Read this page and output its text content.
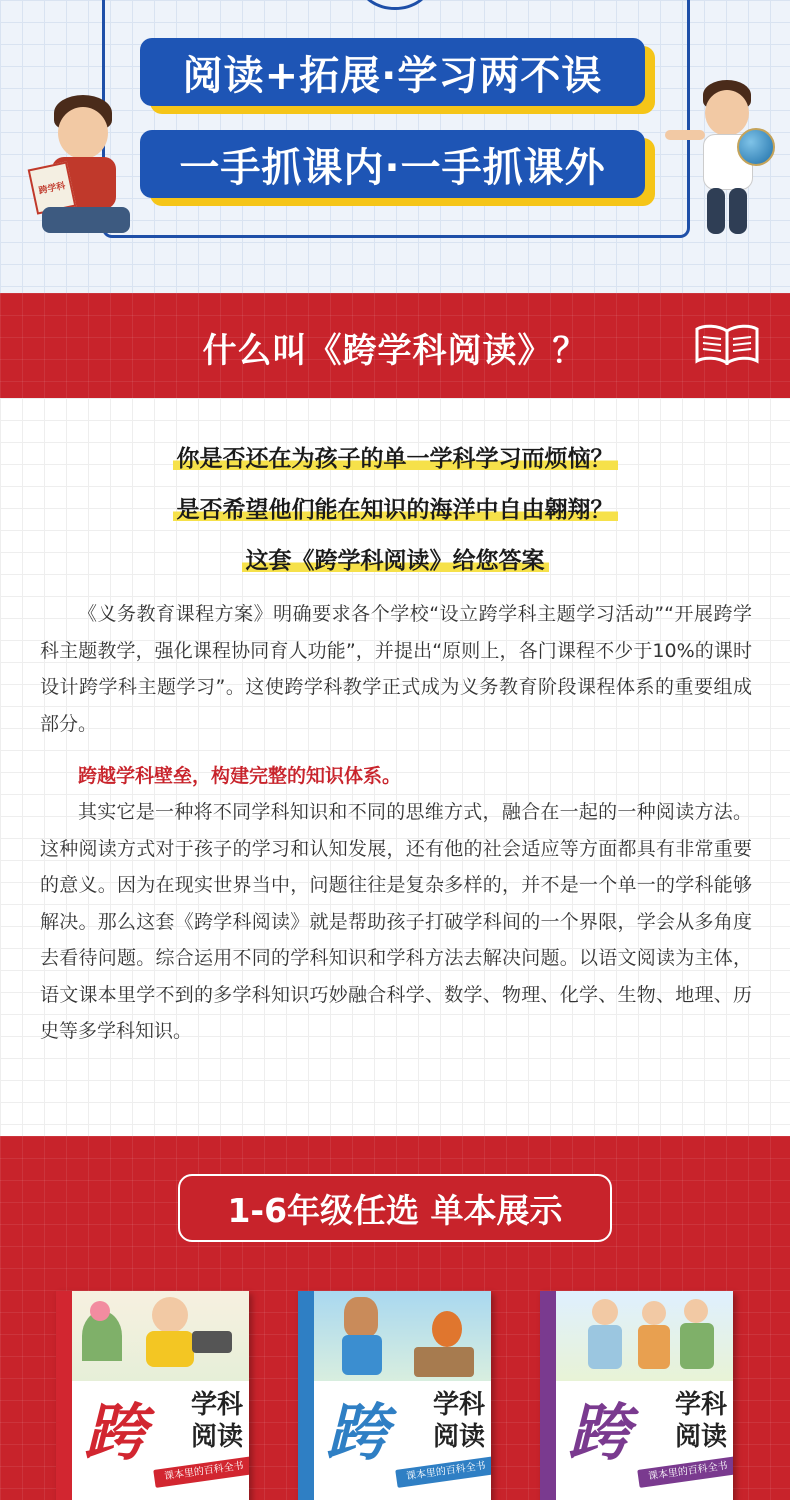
阅读+拓展·学习两不误
一手抓课内·一手抓课外
跨学科
什么叫《跨学科阅读》？
你是否还在为孩子的单一学科学习而烦恼？
是否希望他们能在知识的海洋中自由翱翔？
这套《跨学科阅读》给您答案

《义务教育课程方案》明确要求各个学校“设立跨学科主题学习活动”“开展跨学科主题教学，强化课程协同育人功能”，并提出“原则上，各门课程不少于10%的课时设计跨学科主题学习”。这使跨学科教学正式成为义务教育阶段课程体系的重要组成部分。

跨越学科壁垒，构建完整的知识体系。

其实它是一种将不同学科知识和不同的思维方式，融合在一起的一种阅读方法。这种阅读方式对于孩子的学习和认知发展，还有他的社会适应等方面都具有非常重要的意义。因为在现实世界当中，问题往往是复杂多样的，并不是一个单一的学科能够解决。那么这套《跨学科阅读》就是帮助孩子打破学科间的一个界限，学会从多角度去看待问题。综合运用不同的学科知识和学科方法去解决问题。以语文阅读为主体，语文课本里学不到的多学科知识巧妙融合科学、数学、物理、化学、生物、地理、历史等多学科知识。

1-6年级任选 单本展示
跨学科阅读
跨	学科阅读
课本里的百科全书
跨学科阅读
跨	学科阅读
课本里的百科全书
跨学科阅读
跨	学科阅读
课本里的百科全书
